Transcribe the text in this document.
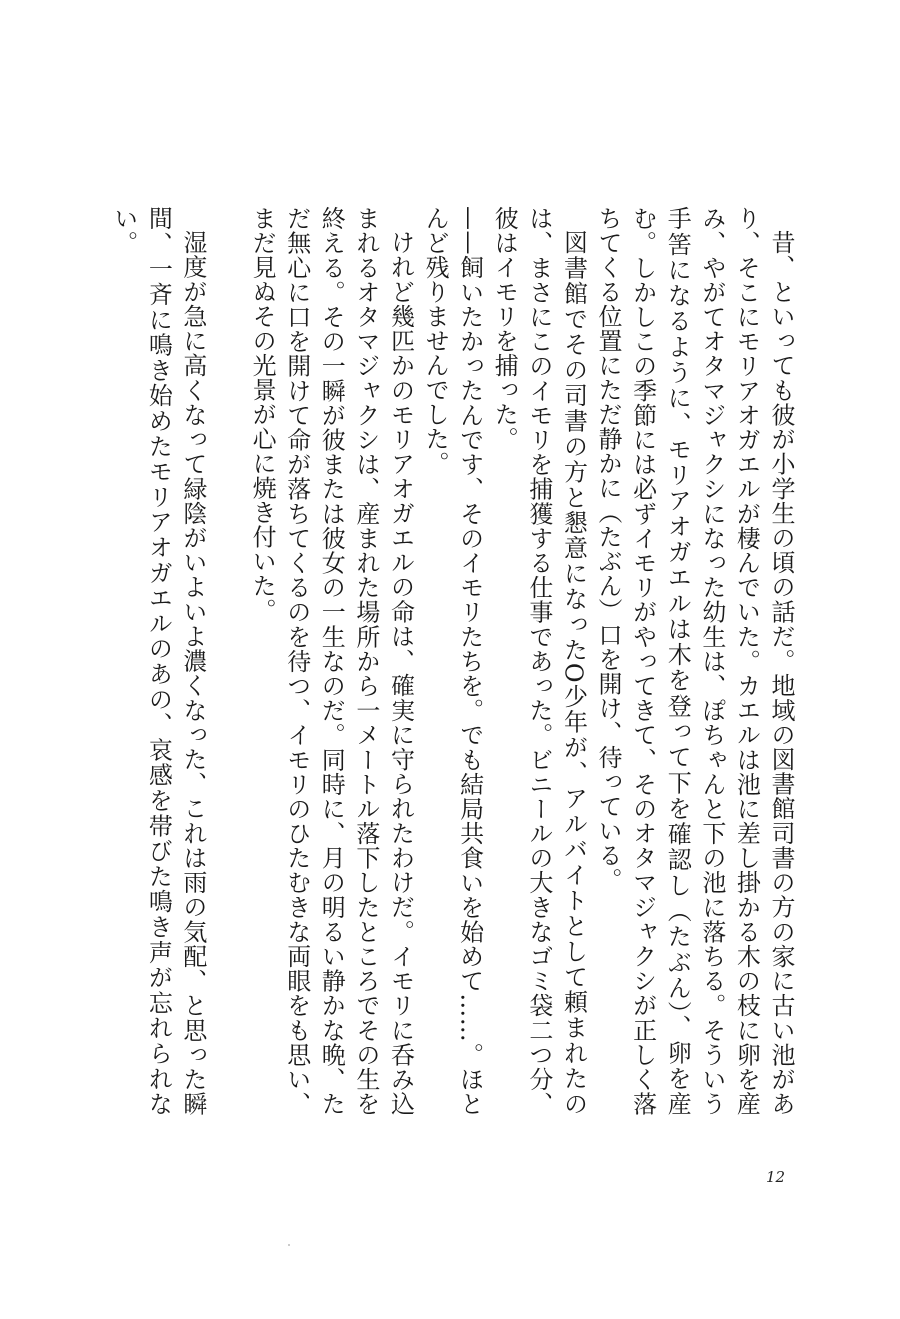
昔、といっても彼が小学生の頃の話だ。地域の図書館司書の方の家に古い池があり、そこにモリアオガエルが棲んでいた。カエルは池に差し掛かる木の枝に卵を産み、やがてオタマジャクシになった幼生は、ぽちゃんと下の池に落ちる。そういう手筈になるように、モリアオガエルは木を登って下を確認し（たぶん）、卵を産む。しかしこの季節には必ずイモリがやってきて、そのオタマジャクシが正しく落ちてくる位置にただ静かに（たぶん）口を開け、待っている。

図書館でその司書の方と懇意になったO少年が、アルバイトとして頼まれたのは、まさにこのイモリを捕獲する仕事であった。ビニールの大きなゴミ袋二つ分、彼はイモリを捕った。

——飼いたかったんです、そのイモリたちを。でも結局共食いを始めて……。ほとんど残りませんでした。

けれど幾匹かのモリアオガエルの命は、確実に守られたわけだ。イモリに呑み込まれるオタマジャクシは、産まれた場所から一メートル落下したところでその生を終える。その一瞬が彼または彼女の一生なのだ。同時に、月の明るい静かな晩、ただ無心に口を開けて命が落ちてくるのを待つ、イモリのひたむきな両眼をも思い、まだ見ぬその光景が心に焼き付いた。

湿度が急に高くなって緑陰がいよいよ濃くなった、これは雨の気配、と思った瞬間、一斉に鳴き始めたモリアオガエルのあの、哀感を帯びた鳴き声が忘れられない。

12
